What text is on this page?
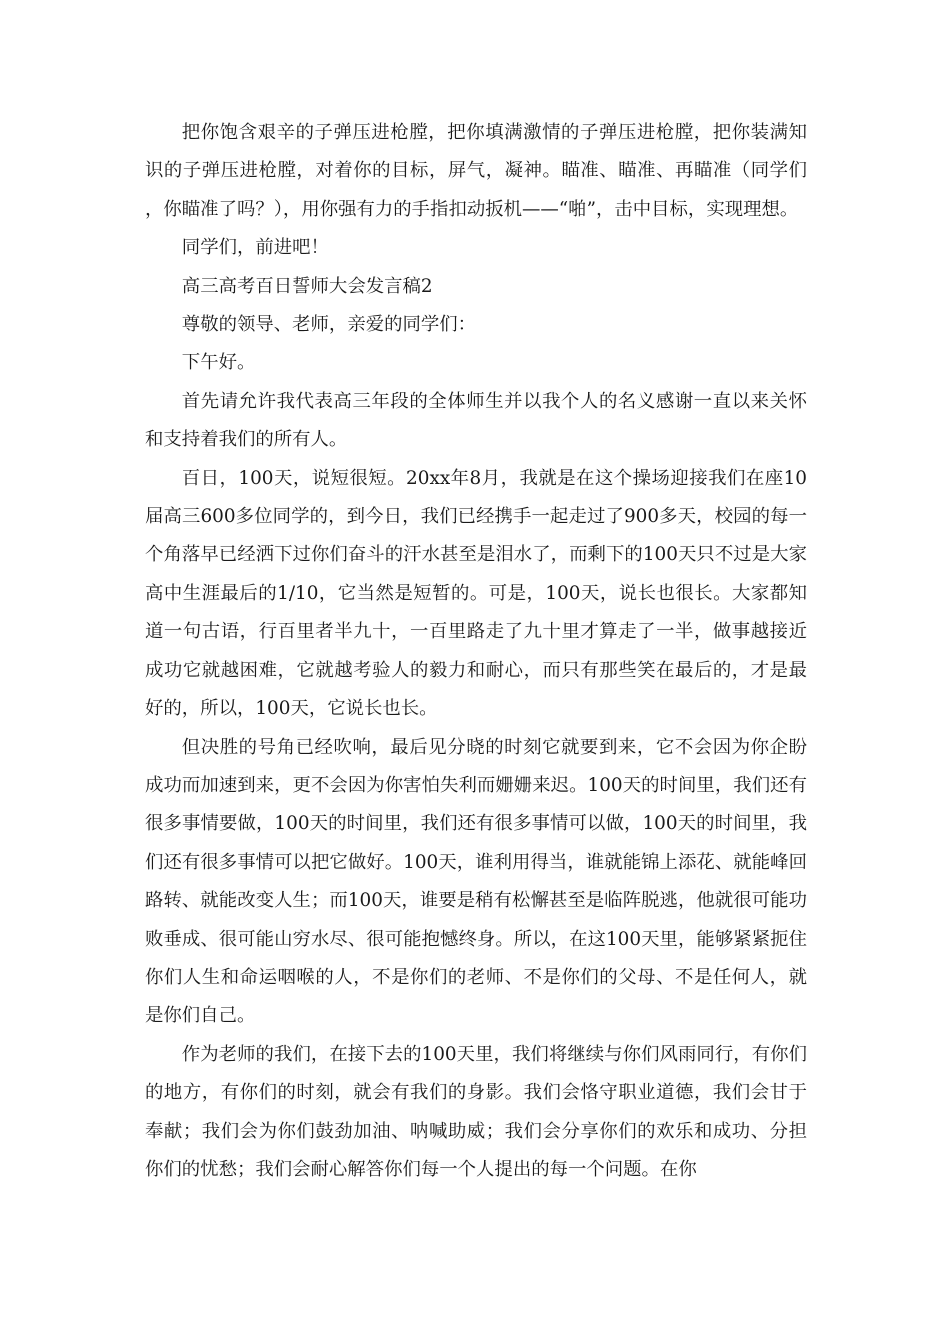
把你饱含艰辛的子弹压进枪膛，把你填满激情的子弹压进枪膛，把你装满知识的子弹压进枪膛，对着你的目标，屏气，凝神。瞄准、瞄准、再瞄准（同学们，你瞄准了吗？），用你强有力的手指扣动扳机——“啪”，击中目标，实现理想。

同学们，前进吧！

高三高考百日誓师大会发言稿2

尊敬的领导、老师，亲爱的同学们：

下午好。

首先请允许我代表高三年段的全体师生并以我个人的名义感谢一直以来关怀和支持着我们的所有人。

百日，100天，说短很短。20xx年8月，我就是在这个操场迎接我们在座10届高三600多位同学的，到今日，我们已经携手一起走过了900多天，校园的每一个角落早已经洒下过你们奋斗的汗水甚至是泪水了，而剩下的100天只不过是大家高中生涯最后的1/10，它当然是短暂的。可是，100天，说长也很长。大家都知道一句古语，行百里者半九十，一百里路走了九十里才算走了一半，做事越接近成功它就越困难，它就越考验人的毅力和耐心，而只有那些笑在最后的，才是最好的，所以，100天，它说长也长。

但决胜的号角已经吹响，最后见分晓的时刻它就要到来，它不会因为你企盼成功而加速到来，更不会因为你害怕失利而姗姗来迟。100天的时间里，我们还有很多事情要做，100天的时间里，我们还有很多事情可以做，100天的时间里，我们还有很多事情可以把它做好。100天，谁利用得当，谁就能锦上添花、就能峰回路转、就能改变人生；而100天，谁要是稍有松懈甚至是临阵脱逃，他就很可能功败垂成、很可能山穷水尽、很可能抱憾终身。所以，在这100天里，能够紧紧扼住你们人生和命运咽喉的人，不是你们的老师、不是你们的父母、不是任何人，就是你们自己。

作为老师的我们，在接下去的100天里，我们将继续与你们风雨同行，有你们的地方，有你们的时刻，就会有我们的身影。我们会恪守职业道德，我们会甘于奉献；我们会为你们鼓劲加油、呐喊助威；我们会分享你们的欢乐和成功、分担你们的忧愁；我们会耐心解答你们每一个人提出的每一个问题。在你
